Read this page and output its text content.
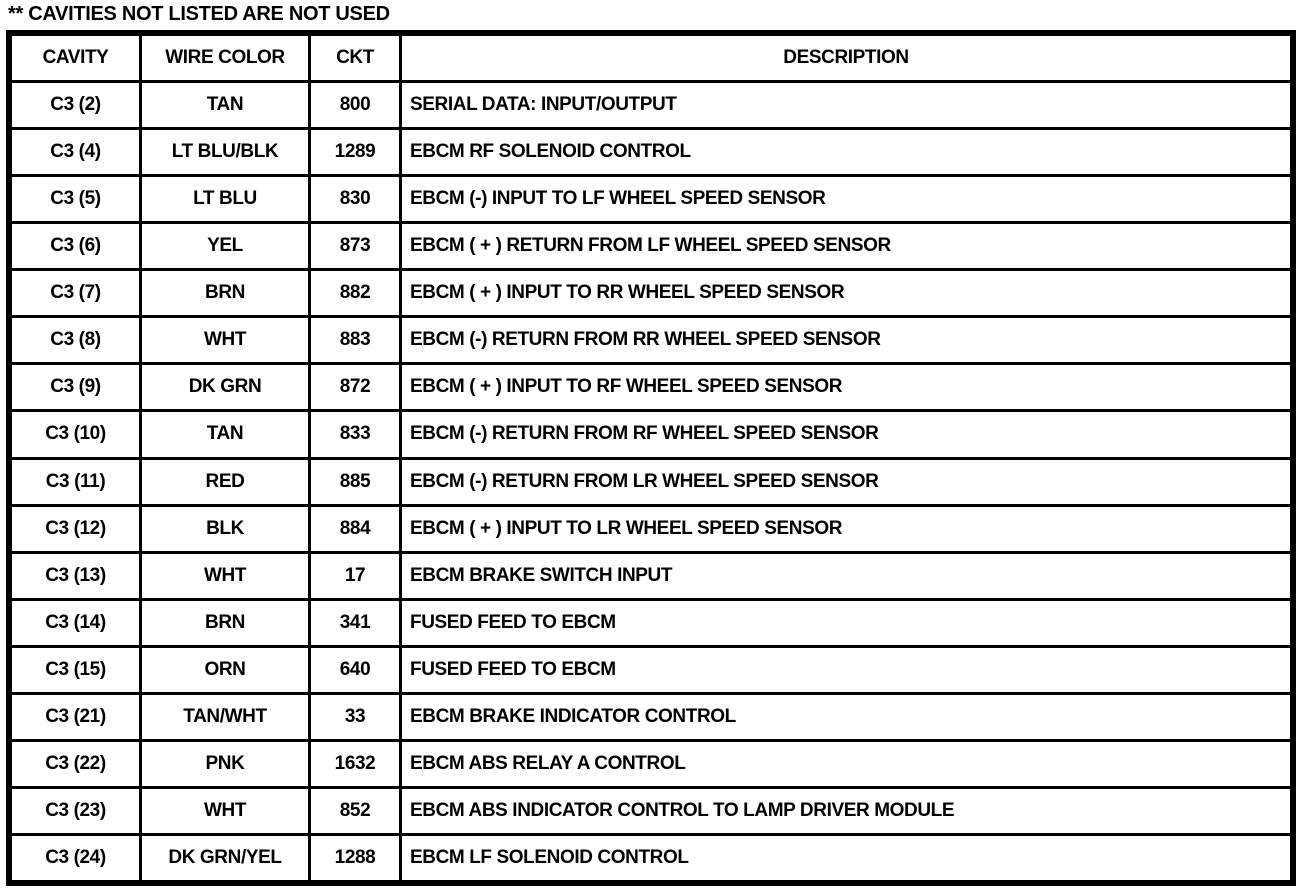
** CAVITIES NOT LISTED ARE NOT USED
CAVITY	WIRE COLOR	CKT	DESCRIPTION
C3 (2)	TAN	800	SERIAL DATA: INPUT/OUTPUT
C3 (4)	LT BLU/BLK	1289	EBCM RF SOLENOID CONTROL
C3 (5)	LT BLU	830	EBCM (-) INPUT TO LF WHEEL SPEED SENSOR
C3 (6)	YEL	873	EBCM ( + ) RETURN FROM LF WHEEL SPEED SENSOR
C3 (7)	BRN	882	EBCM ( + ) INPUT TO RR WHEEL SPEED SENSOR
C3 (8)	WHT	883	EBCM (-) RETURN FROM RR WHEEL SPEED SENSOR
C3 (9)	DK GRN	872	EBCM ( + ) INPUT TO RF WHEEL SPEED SENSOR
C3 (10)	TAN	833	EBCM (-) RETURN FROM RF WHEEL SPEED SENSOR
C3 (11)	RED	885	EBCM (-) RETURN FROM LR WHEEL SPEED SENSOR
C3 (12)	BLK	884	EBCM ( + ) INPUT TO LR WHEEL SPEED SENSOR
C3 (13)	WHT	17	EBCM BRAKE SWITCH INPUT
C3 (14)	BRN	341	FUSED FEED TO EBCM
C3 (15)	ORN	640	FUSED FEED TO EBCM
C3 (21)	TAN/WHT	33	EBCM BRAKE INDICATOR CONTROL
C3 (22)	PNK	1632	EBCM ABS RELAY A CONTROL
C3 (23)	WHT	852	EBCM ABS INDICATOR CONTROL TO LAMP DRIVER MODULE
C3 (24)	DK GRN/YEL	1288	EBCM LF SOLENOID CONTROL
